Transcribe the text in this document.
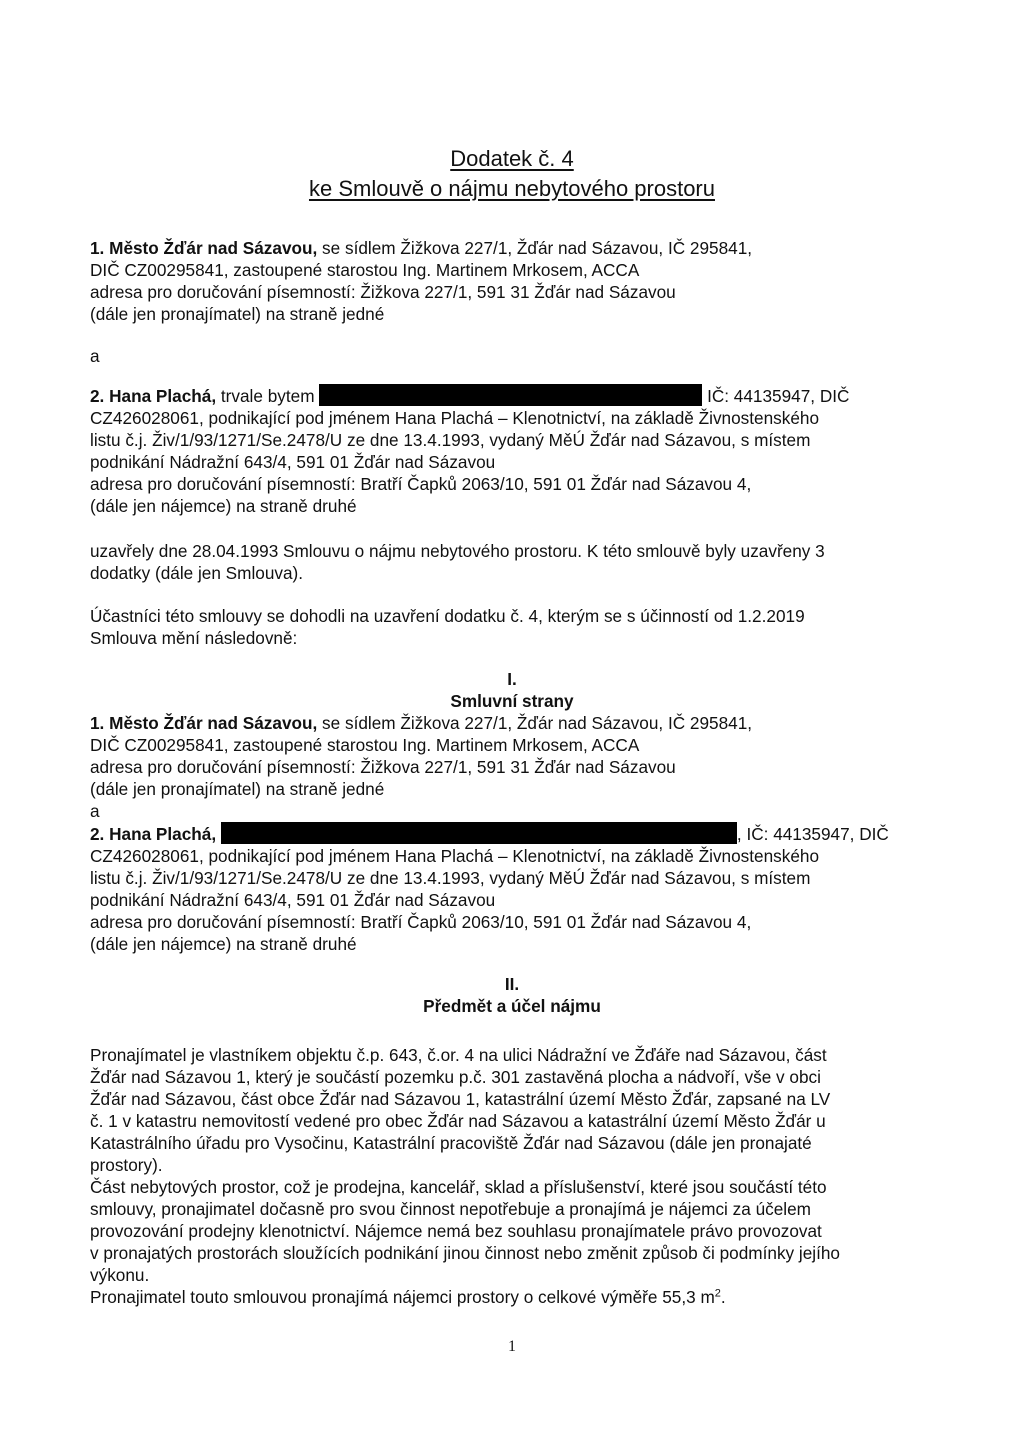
Dodatek č. 4
ke Smlouvě o nájmu nebytového prostoru

1. Město Žďár nad Sázavou, se sídlem Žižkova 227/1, Žďár nad Sázavou, IČ 295841,

DIČ CZ00295841, zastoupené starostou Ing. Martinem Mrkosem, ACCA

adresa pro doručování písemností: Žižkova 227/1, 591 31 Žďár nad Sázavou

(dále jen pronajímatel) na straně jedné

a

2. Hana Plachá, trvale bytem	IČ: 44135947, DIČ

CZ426028061, podnikající pod jménem Hana Plachá – Klenotnictví, na základě Živnostenského

listu č.j. Živ/1/93/1271/Se.2478/U ze dne 13.4.1993, vydaný MěÚ Žďár nad Sázavou, s místem

podnikání Nádražní 643/4, 591 01 Žďár nad Sázavou

adresa pro doručování písemností: Bratří Čapků 2063/10, 591 01 Žďár nad Sázavou 4,

(dále jen nájemce) na straně druhé

uzavřely dne 28.04.1993 Smlouvu o nájmu nebytového prostoru. K této smlouvě byly uzavřeny 3

dodatky (dále jen Smlouva).

Účastníci této smlouvy se dohodli na uzavření dodatku č. 4, kterým se s účinností od 1.2.2019

Smlouva mění následovně:

I.
Smluvní strany

1. Město Žďár nad Sázavou, se sídlem Žižkova 227/1, Žďár nad Sázavou, IČ 295841,

DIČ CZ00295841, zastoupené starostou Ing. Martinem Mrkosem, ACCA

adresa pro doručování písemností: Žižkova 227/1, 591 31 Žďár nad Sázavou

(dále jen pronajímatel) na straně jedné

a

2. Hana Plachá,	, IČ: 44135947, DIČ

CZ426028061, podnikající pod jménem Hana Plachá – Klenotnictví, na základě Živnostenského

listu č.j. Živ/1/93/1271/Se.2478/U ze dne 13.4.1993, vydaný MěÚ Žďár nad Sázavou, s místem

podnikání Nádražní 643/4, 591 01 Žďár nad Sázavou

adresa pro doručování písemností: Bratří Čapků 2063/10, 591 01 Žďár nad Sázavou 4,

(dále jen nájemce) na straně druhé

II.
Předmět a účel nájmu

Pronajímatel je vlastníkem objektu č.p. 643, č.or. 4 na ulici Nádražní ve Žďáře nad Sázavou, část

Žďár nad Sázavou 1, který je součástí pozemku p.č. 301 zastavěná plocha a nádvoří, vše v obci

Žďár nad Sázavou, část obce Žďár nad Sázavou 1, katastrální území Město Žďár, zapsané na LV

č. 1 v katastru nemovitostí vedené pro obec Žďár nad Sázavou a katastrální území Město Žďár u

Katastrálního úřadu pro Vysočinu, Katastrální pracoviště Žďár nad Sázavou (dále jen pronajaté

prostory).

Část nebytových prostor, což je prodejna, kancelář, sklad a příslušenství, které jsou součástí této

smlouvy, pronajimatel dočasně pro svou činnost nepotřebuje a pronajímá je nájemci za účelem

provozování prodejny klenotnictví. Nájemce nemá bez souhlasu pronajímatele právo provozovat

v pronajatých prostorách sloužících podnikání jinou činnost nebo změnit způsob či podmínky jejího

výkonu.

Pronajimatel touto smlouvou pronajímá nájemci prostory o celkové výměře 55,3 $m^2$.

1
